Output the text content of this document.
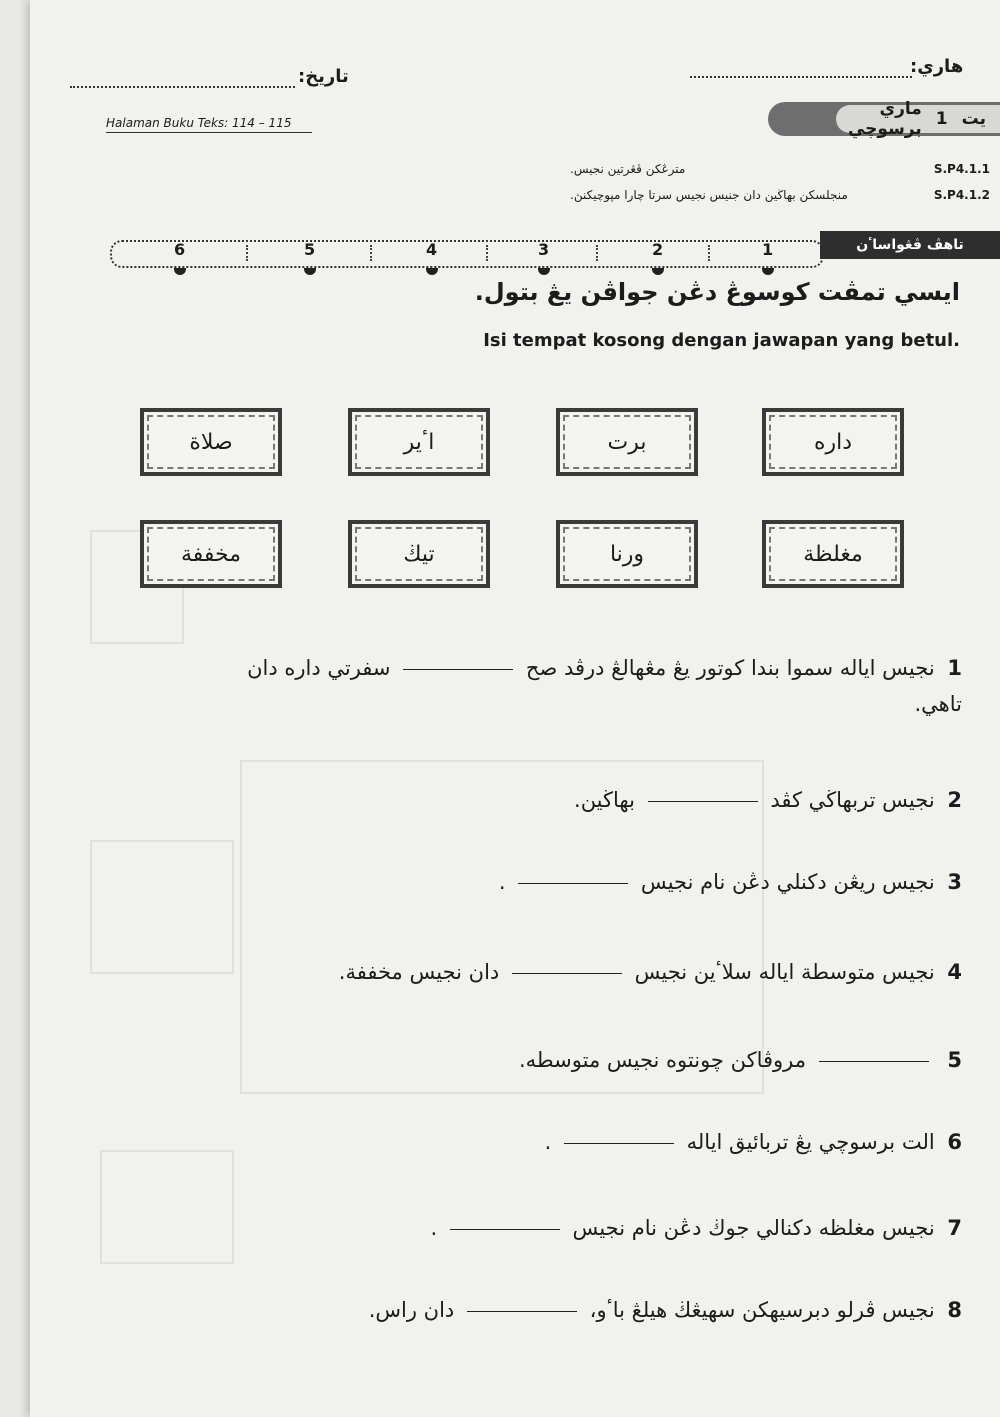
هاري:
تاريخ:
Halaman Buku Teks: 114 – 115	يت
1
ماري برسوچي
مترڠكن ڤڠرتين نجيس.	S.P4.1.1
منجلسكن بهاڬين دان جنيس نجيس سرتا چارا مپوچيكنڽ.	S.P4.1.2
6	5	4	3	2	1	تاهڤ ڤڠواساٴن
ايسي تمڤت كوسوڠ دڠن جواڤن يڠ بتول.
Isi tempat kosong dengan jawapan yang betul.
داره
برت
اٴير
صلاة
مغلظة
ورنا
تيڬ
مخففة
1 نجيس اياله سموا بندا كوتور يڠ مڠهالڠ درڤد صح  سفرتي داره دان
تاهي.
2 نجيس تربهاڬي كڤد  بهاڬين.
3 نجيس ريڠن دكنلي دڠن نام نجيس  .
4 نجيس متوسطة اياله سلاٴين نجيس  دان نجيس مخففة.
5  مروڤاكن چونتوه نجيس متوسطه.
6 الت برسوچي يڠ تربائيق اياله  .
7 نجيس مغلظه دكنالي جوڬ دڠن نام نجيس  .
8 نجيس ڤرلو دبرسيهكن سهيڠڬ هيلڠ باٴو،  دان راس.
